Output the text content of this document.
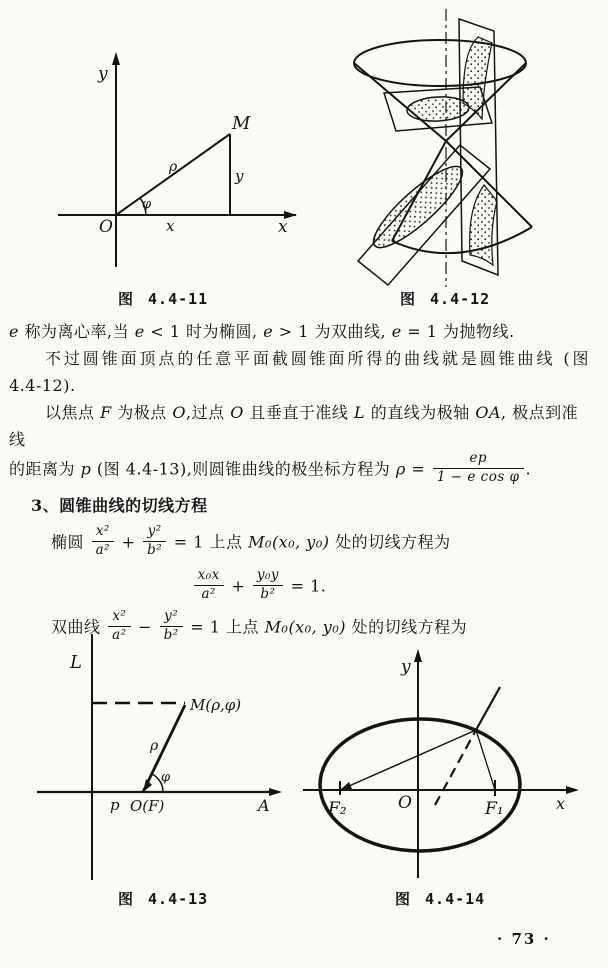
y
x
O
M
ρ
φ
x
y
图 4.4-11	图 4.4-12
e 称为离心率,当 e < 1 时为椭圆, e > 1 为双曲线, e = 1 为抛物线.
不过圆锥面顶点的任意平面截圆锥面所得的曲线就是圆锥曲线 (图
4.4-12).
以焦点 F 为极点 O,过点 O 且垂直于准线 L 的直线为极轴 OA, 极点到准线
的距离为 p (图 4.4-13),则圆锥曲线的极坐标方程为 $\rho = \frac{ep}{\text{1 − e cos φ}}$ .
3、圆锥曲线的切线方程
椭圆 $\frac{\text{x²}}{\text{a²}} + \frac{\text{y²}}{\text{b²}} = 1$ 上点 M₀(x₀, y₀) 处的切线方程为
$\frac{\text{x₀x}}{\text{a²}} + \frac{\text{y₀y}}{\text{b²}} = 1$.
双曲线 $\frac{\text{x²}}{\text{a²}} - \frac{\text{y²}}{\text{b²}} = 1$ 上点 M₀(x₀, y₀) 处的切线方程为
L
M(ρ,φ)
ρ
φ
p O(F)	A
图 4.4-13
y
x
O
F₂	F₁
图 4.4-14
· 73 ·
